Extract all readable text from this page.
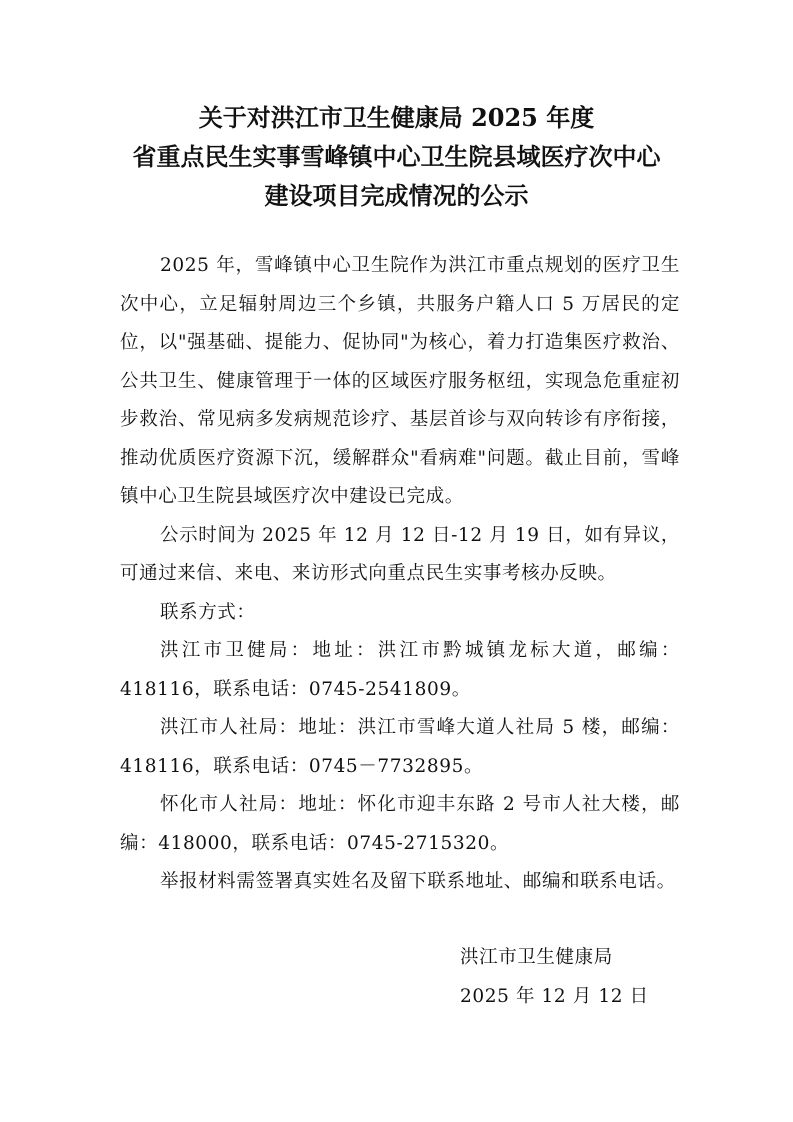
关于对洪江市卫生健康局 2025 年度
省重点民生实事雪峰镇中心卫生院县域医疗次中心
建设项目完成情况的公示

2025 年，雪峰镇中心卫生院作为洪江市重点规划的医疗卫生次中心，立足辐射周边三个乡镇，共服务户籍人口 5 万居民的定位，以"强基础、提能力、促协同"为核心，着力打造集医疗救治、公共卫生、健康管理于一体的区域医疗服务枢纽，实现急危重症初步救治、常见病多发病规范诊疗、基层首诊与双向转诊有序衔接，推动优质医疗资源下沉，缓解群众"看病难"问题。截止目前，雪峰镇中心卫生院县域医疗次中建设已完成。

公示时间为 2025 年 12 月 12 日-12 月 19 日，如有异议，可通过来信、来电、来访形式向重点民生实事考核办反映。

联系方式：

洪江市卫健局：地址：洪江市黔城镇龙标大道，邮编：418116，联系电话：0745-2541809。

洪江市人社局：地址：洪江市雪峰大道人社局 5 楼，邮编：418116，联系电话：0745－7732895。

怀化市人社局：地址：怀化市迎丰东路 2 号市人社大楼，邮编：418000，联系电话：0745-2715320。

举报材料需签署真实姓名及留下联系地址、邮编和联系电话。

洪江市卫生健康局
2025 年 12 月 12 日
